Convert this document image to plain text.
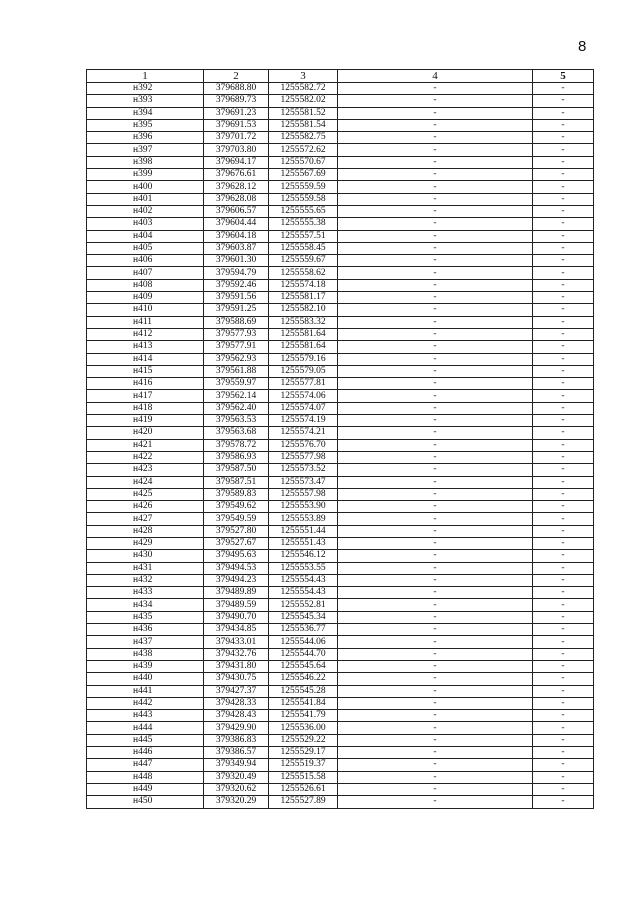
8
1	2	3	4	5
н392	379688.80	1255582.72	-	-
н393	379689.73	1255582.02	-	-
н394	379691.23	1255581.52	-	-
н395	379691.53	1255581.54	-	-
н396	379701.72	1255582.75	-	-
н397	379703.80	1255572.62	-	-
н398	379694.17	1255570.67	-	-
н399	379676.61	1255567.69	-	-
н400	379628.12	1255559.59	-	-
н401	379628.08	1255559.58	-	-
н402	379606.57	1255555.65	-	-
н403	379604.44	1255555.38	-	-
н404	379604.18	1255557.51	-	-
н405	379603.87	1255558.45	-	-
н406	379601.30	1255559.67	-	-
н407	379594.79	1255558.62	-	-
н408	379592.46	1255574.18	-	-
н409	379591.56	1255581.17	-	-
н410	379591.25	1255582.10	-	-
н411	379588.69	1255583.32	-	-
н412	379577.93	1255581.64	-	-
н413	379577.91	1255581.64	-	-
н414	379562.93	1255579.16	-	-
н415	379561.88	1255579.05	-	-
н416	379559.97	1255577.81	-	-
н417	379562.14	1255574.06	-	-
н418	379562.40	1255574.07	-	-
н419	379563.53	1255574.19	-	-
н420	379563.68	1255574.21	-	-
н421	379578.72	1255576.70	-	-
н422	379586.93	1255577.98	-	-
н423	379587.50	1255573.52	-	-
н424	379587.51	1255573.47	-	-
н425	379589.83	1255557.98	-	-
н426	379549.62	1255553.90	-	-
н427	379549.59	1255553.89	-	-
н428	379527.80	1255551.44	-	-
н429	379527.67	1255551.43	-	-
н430	379495.63	1255546.12	-	-
н431	379494.53	1255553.55	-	-
н432	379494.23	1255554.43	-	-
н433	379489.89	1255554.43	-	-
н434	379489.59	1255552.81	-	-
н435	379490.70	1255545.34	-	-
н436	379434.85	1255536.77	-	-
н437	379433.01	1255544.06	-	-
н438	379432.76	1255544.70	-	-
н439	379431.80	1255545.64	-	-
н440	379430.75	1255546.22	-	-
н441	379427.37	1255545.28	-	-
н442	379428.33	1255541.84	-	-
н443	379428.43	1255541.79	-	-
н444	379429.90	1255536.00	-	-
н445	379386.83	1255529.22	-	-
н446	379386.57	1255529.17	-	-
н447	379349.94	1255519.37	-	-
н448	379320.49	1255515.58	-	-
н449	379320.62	1255526.61	-	-
н450	379320.29	1255527.89	-	-
